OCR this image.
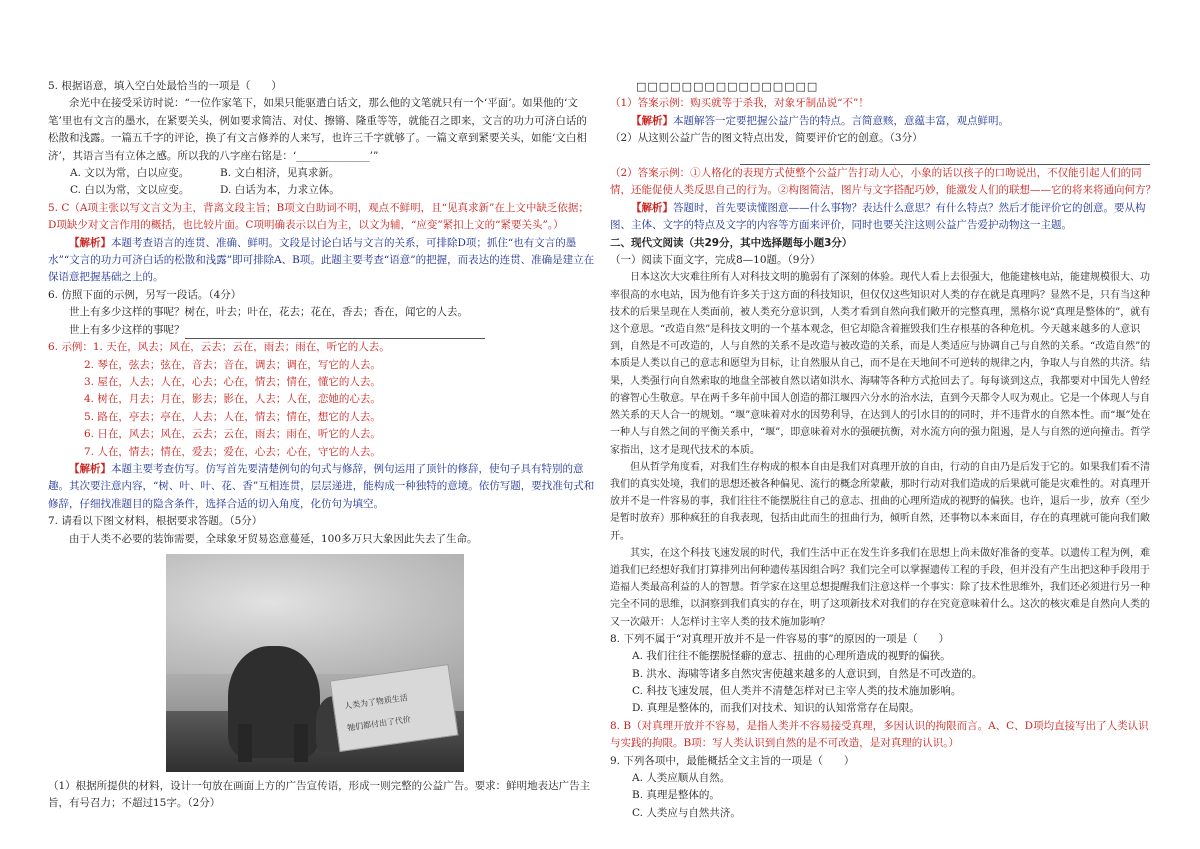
5. 根据语意，填入空白处最恰当的一项是（　　）

余光中在接受采访时说：“一位作家笔下，如果只能驱遣白话文，那么他的文笔就只有一个‘平面’。如果他的‘文笔’里也有文言的墨水，在紧要关头，例如要求简洁、对仗、擦锵、隆重等等，就能召之即来，文言的功力可济白话的松散和浅露。一篇五千字的评论，换了有文言修养的人来写，也许三千字就够了。一篇文章到紧要关头，如能‘文白相济’，其语言当有立体之感。所以我的八字座右铭是：‘______________’”

A. 文以为常，白以应变。	B. 文白相济，见真求新。
C. 白以为常，文以应变。	D. 白话为本，力求立体。

5. C（A项主张以写文言文为主，背离文段主旨；B项文白助词不明，观点不鲜明，且“见真求新”在上文中缺乏依据；D项缺少对文言作用的概括，也比较片面。C项明确表示以白为主，以文为辅，“应变”紧扣上文的“紧要关头”。）

【解析】本题考查语言的连贯、准确、鲜明。文段是讨论白话与文言的关系，可排除D项；抓住“也有文言的墨水”“文言的功力可济白话的松散和浅露”即可排除A、B项。此题主要考查“语意”的把握，而表达的连贯、准确是建立在保语意把握基础之上的。

6. 仿照下面的示例，另写一段话。（4分）

世上有多少这样的事呢？树在，叶去；叶在，花去；花在，香去；香在，闻它的人去。

世上有多少这样的事呢？

6. 示例：1. 天在，风去；风在，云去；云在，雨去；雨在，听它的人去。

2. 琴在，弦去；弦在，音去；音在，调去；调在，写它的人去。

3. 屋在，人去；人在，心去；心在，情去；情在，懂它的人去。

4. 树在，月去；月在，影去；影在，人去；人在，恋她的心去。

5. 路在，亭去；亭在，人去；人在，情去；情在，想它的人去。

6. 日在，风去；风在，云去；云在，雨去；雨在，听它的人去。

7. 人在，情去；情在，爱去；爱在，心去；心在，守它的人去。

【解析】本题主要考查仿写。仿写首先要清楚例句的句式与修辞，例句运用了顶针的修辞，使句子具有特别的意趣。其次要注意内容，“树、叶、叶、花、香”互相连贯，层层递进，能构成一种独特的意境。依仿写题，要找准句式和修辞，仔细找准题目的隐含条件，选择合适的切入角度，化仿句为填空。

7. 请看以下图文材料，根据要求答题。（5分）

由于人类不必要的装饰需要，全球象牙贸易恣意蔓延，100多万只大象因此失去了生命。

人类为了物质生活
牠们都付出了代价

（1）根据所提供的材料，设计一句放在画面上方的广告宣传语，形成一则完整的公益广告。要求：鲜明地表达广告主旨，有号召力；不超过15字。（2分）

□□□□□□□□□□□□□□□□

（1）答案示例：购买就等于杀我，对象牙制品说“不”！

【解析】本题解答一定要把握公益广告的特点。言简意赅，意蕴丰富，观点鲜明。

（2）从这则公益广告的图文特点出发，简要评价它的创意。（3分）

（2）答案示例：①人格化的表现方式使整个公益广告打动人心，小象的话以孩子的口吻说出，不仅能引起人们的同情，还能促使人类反思自己的行为。②构图简洁，图片与文字搭配巧妙，能激发人们的联想——它的将来将通向何方？

【解析】答题时，首先要读懂图意——什么事物？表达什么意思？有什么特点？然后才能评价它的创意。要从构图、主体、文字的特点及文字的内容等方面来评价，同时也要关注这则公益广告爱护动物这一主题。

二、现代文阅读（共29分，其中选择题每小题3分）

（一）阅读下面文字，完成8—10题。（9分）

日本这次大灾难往所有人对科技文明的脆弱有了深刻的体验。现代人看上去很强大，他能建核电站，能建规模很大、功率很高的水电站，因为他有许多关于这方面的科技知识，但仅仅这些知识对人类的存在就是真理吗？显然不是，只有当这种技术的后果呈现在人类面前，被人类充分意识到，人类才看到自然向我们敞开的完整真理，黑格尔说“真理是整体的”，就有这个意思。“改造自然”是科技文明的一个基本观念，但它却隐含着摧毁我们生存根基的各种危机。今天越来越多的人意识到，自然是不可改造的，人与自然的关系不是改造与被改造的关系，而是人类适应与协调自己与自然的关系。“改造自然”的本质是人类以自己的意志和愿望为目标，让自然服从自己，而不是在天地间不可逆转的规律之内，争取人与自然的共济。结果，人类强行向自然索取的地盘全部被自然以诸如洪水、海啸等各种方式抢回去了。每每谈到这点，我都要对中国先人曾经的睿智心生敬意。早在两千多年前中国人创造的都江堰四六分水的治水法，直到今天都令人叹为观止。它是一个体现人与自然关系的天人合一的规划。“堰”意味着对水的因势利导，在达到人的引水目的的同时，并不违背水的自然本性。而“堰”处在一种人与自然之间的平衡关系中，“堰”，即意味着对水的强硬抗衡，对水流方向的强力阻遏，是人与自然的逆向撞击。哲学家指出，这才是现代技术的本质。

但从哲学角度看，对我们生存构成的根本自由是我们对真理开放的自由，行动的自由乃是后发于它的。如果我们看不清我们的真实处境，我们的思想还被各种偏见、流行的概念所蒙蔽，那时行动对我们造成的后果就可能是灾难性的。对真理开放并不是一件容易的事，我们往往不能摆脱往自己的意志、扭曲的心理所造成的视野的偏狭。也许，退后一步，放弃（至少是暂时放弃）那种疯狂的自我表现，包括由此而生的扭曲行为，倾听自然，还事物以本来面目，存在的真理就可能向我们敞开。

其实，在这个科技飞速发展的时代，我们生活中正在发生许多我们在思想上尚未做好准备的变革。以遗传工程为例，难道我们已经想好我们打算排列出何种遗传基因组合吗？我们完全可以掌握遗传工程的手段，但并没有产生出把这种手段用于造福人类最高利益的人的智慧。哲学家在这里总想提醒我们注意这样一个事实：除了技术性思维外，我们还必须进行另一种完全不同的思维，以洞察到我们真实的存在，明了这项新技术对我们的存在究竟意味着什么。这次的核灾难是自然向人类的又一次敲开：人怎样讨主宰人类的技术施加影响？

8. 下列不属于“对真理开放并不是一件容易的事”的原因的一项是（　　）

A. 我们往往不能摆脱怪癖的意志、扭曲的心理所造成的视野的偏狭。

B. 洪水、海啸等诸多自然灾害使越来越多的人意识到，自然是不可改造的。

C. 科技飞速发展，但人类并不清楚怎样对已主宰人类的技术施加影响。

D. 真理是整体的，而我们对技术、知识的认知常常存在局限。

8. B（对真理开放并不容易，是指人类并不容易接受真理，多因认识的拘限而言。A、C、D项均直接写出了人类认识与实践的拘限。B项：写人类认识到自然的是不可改造，是对真理的认识。）

9. 下列各项中，最能概括全文主旨的一项是（　　）

A. 人类应顺从自然。

B. 真理是整体的。

C. 人类应与自然共济。
